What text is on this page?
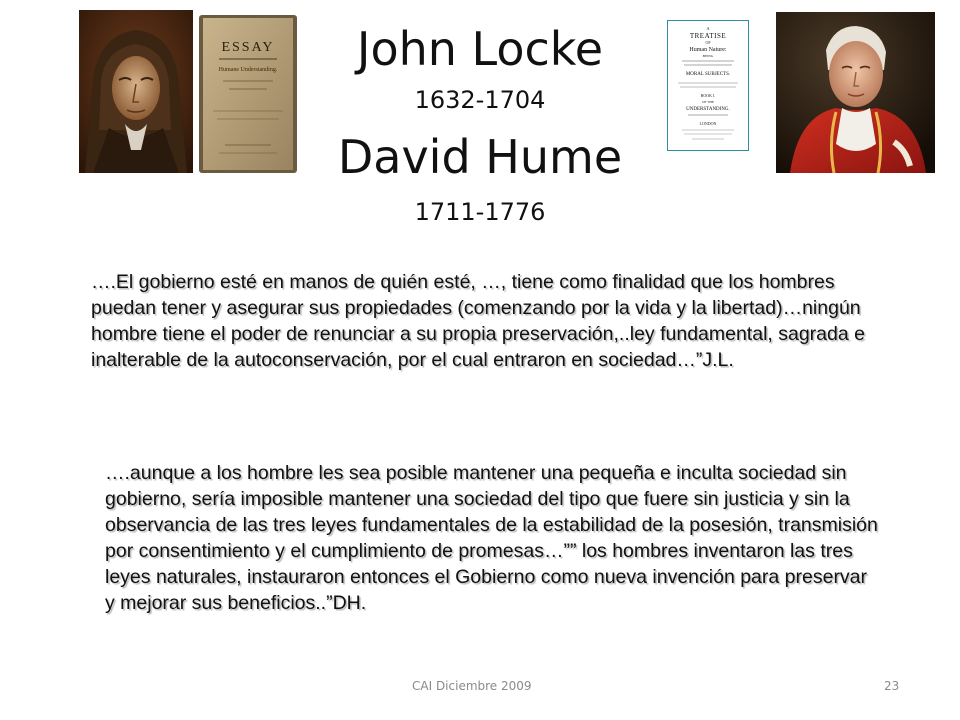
ESSAY
Humane Understanding.	John Locke
1632-1704
David Hume
1711-1776
A
TREATISE
OF
Human Nature:
BEING
MORAL SUBJECTS.
BOOK I.
OF THE
UNDERSTANDING.
LONDON
….El gobierno esté en manos de quién esté, …, tiene como finalidad que los hombres puedan tener y asegurar sus propiedades (comenzando por la vida y la libertad)…ningún hombre tiene el poder de renunciar a su propia preservación,..ley fundamental, sagrada e inalterable de la autoconservación, por el cual entraron en sociedad…”J.L.
….aunque a los hombre les sea posible mantener una pequeña e inculta sociedad sin gobierno, sería imposible mantener una sociedad del tipo que fuere sin justicia y sin la observancia de las tres leyes fundamentales de la estabilidad de la posesión, transmisión por consentimiento y el cumplimiento de promesas…”” los hombres inventaron las tres leyes naturales, instauraron entonces el Gobierno como nueva invención para preservar y mejorar sus beneficios..”DH.
CAI Diciembre 2009	23
